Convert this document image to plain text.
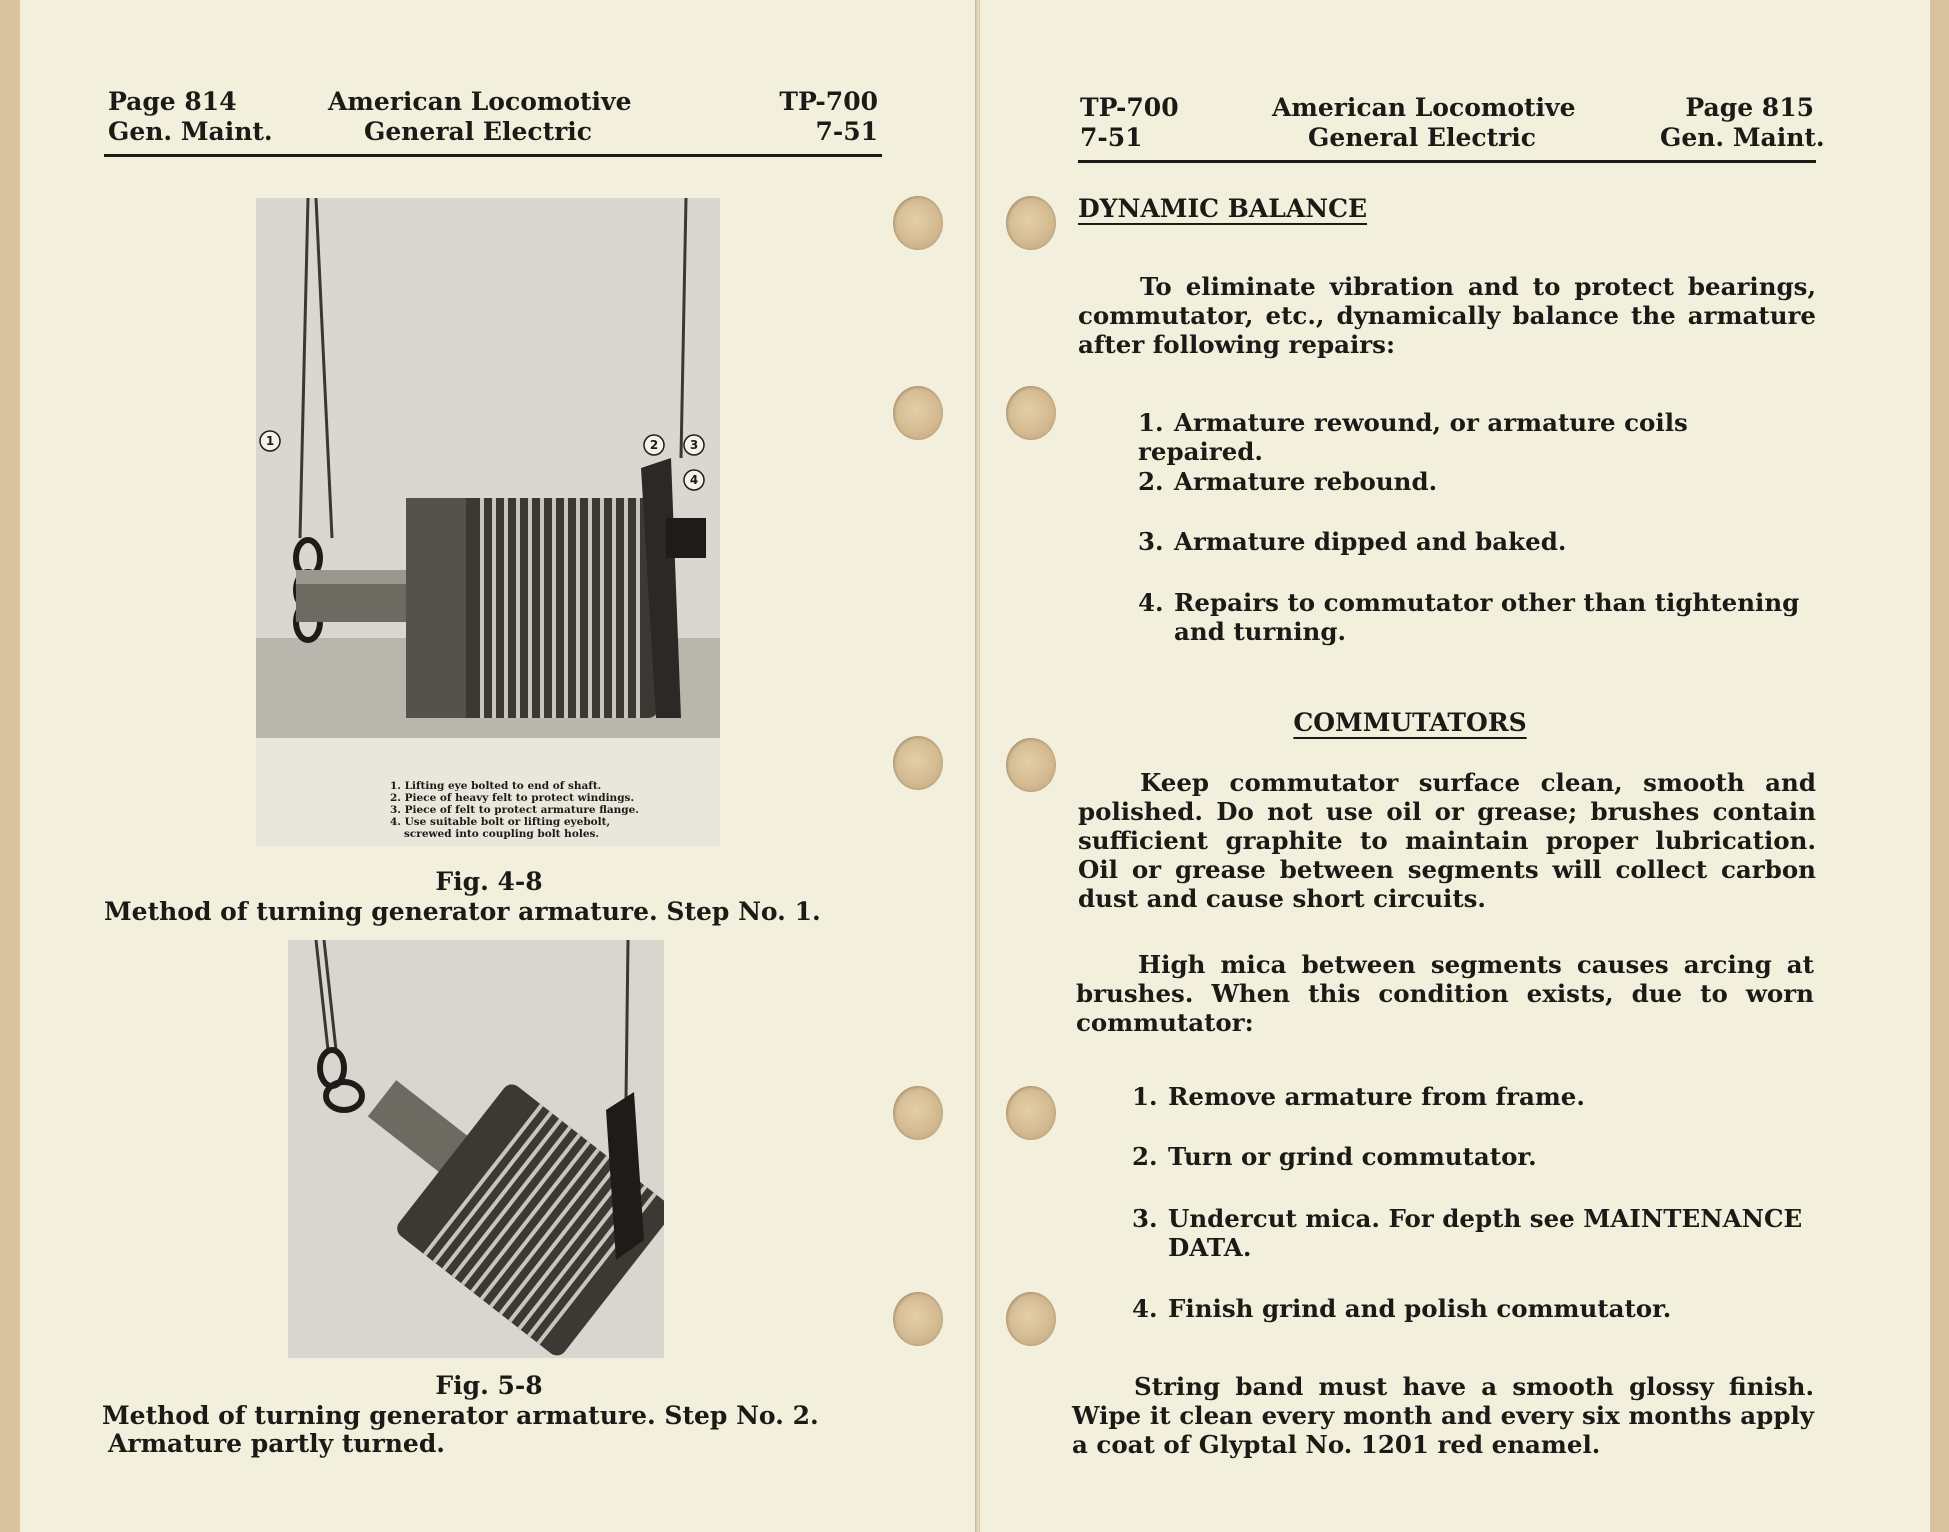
Page 814
Gen. Maint.
American Locomotive
General Electric
TP-700
7-51
1	2	3
4
1. Lifting eye bolted to end of shaft.
2. Piece of heavy felt to protect windings.
3. Piece of felt to protect armature flange.
4. Use suitable bolt or lifting eyebolt,
screwed into coupling bolt holes.
Fig. 4-8
Method of turning generator armature. Step No. 1.
Fig. 5-8
Method of turning generator armature. Step No. 2.
Armature partly turned.
TP-700
7-51
American Locomotive
General Electric
Page 815
Gen. Maint.
DYNAMIC BALANCE
To eliminate vibration and to protect bearings, commutator, etc., dynamically balance the armature after following repairs:
1. Armature rewound, or armature coils repaired.
2. Armature rebound.
3. Armature dipped and baked.
4. Repairs to commutator other than tightening and turning.
COMMUTATORS
Keep commutator surface clean, smooth and polished. Do not use oil or grease; brushes contain sufficient graphite to maintain proper lubrication. Oil or grease between segments will collect carbon dust and cause short circuits.
High mica between segments causes arcing at brushes. When this condition exists, due to worn commutator:
1. Remove armature from frame.
2. Turn or grind commutator.
3. Undercut mica. For depth see MAINTENANCE DATA.
4. Finish grind and polish commutator.
String band must have a smooth glossy finish. Wipe it clean every month and every six months apply a coat of Glyptal No. 1201 red enamel.
